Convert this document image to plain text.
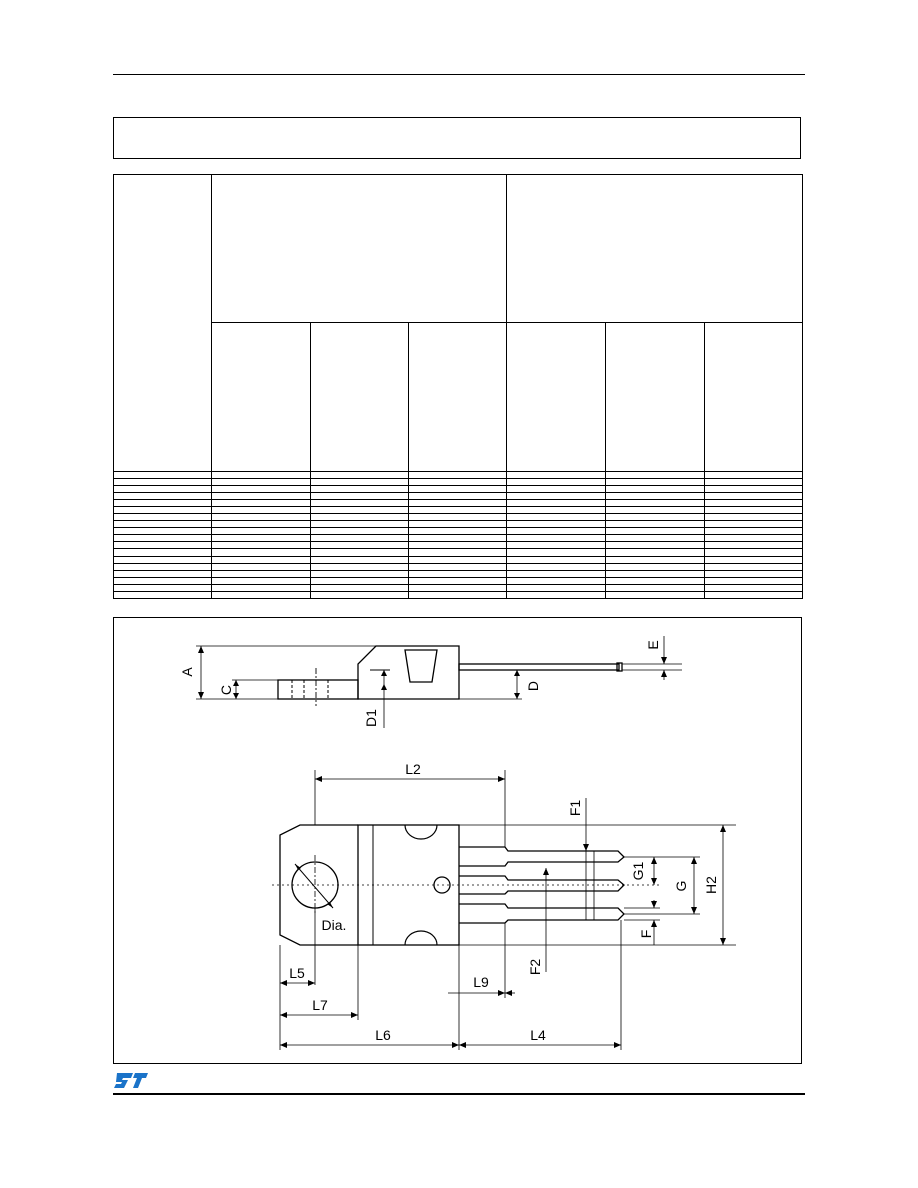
A
C	D
D1
E
L2
F1
G1
G H2
F
F2
Dia.
L5
L7
L9
L6	L4
